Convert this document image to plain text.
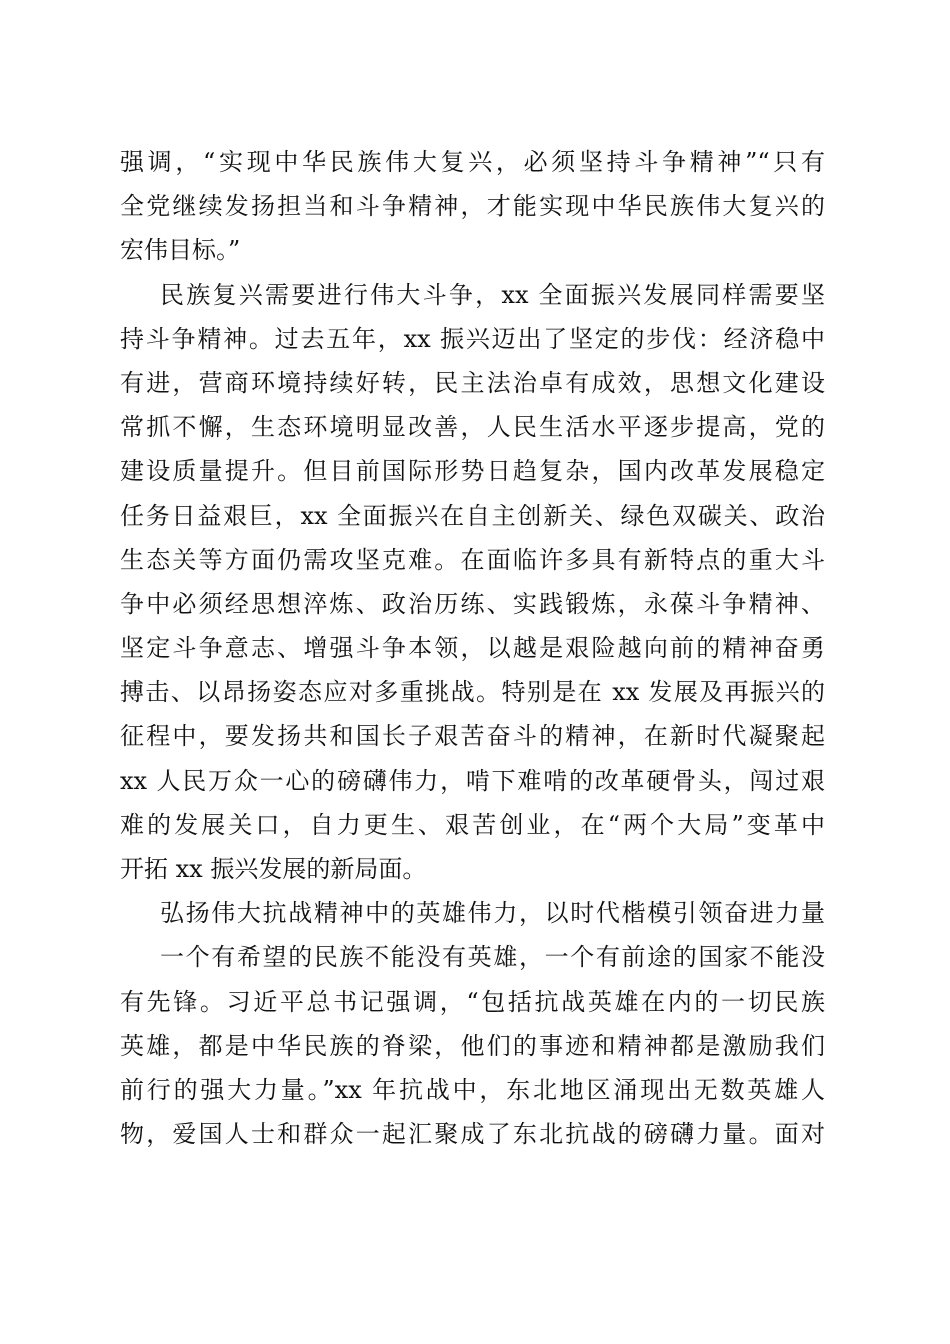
强调，“实现中华民族伟大复兴，必须坚持斗争精神”“只有
全党继续发扬担当和斗争精神，才能实现中华民族伟大复兴的
宏伟目标。”
民族复兴需要进行伟大斗争，xx 全面振兴发展同样需要坚
持斗争精神。过去五年，xx 振兴迈出了坚定的步伐：经济稳中
有进，营商环境持续好转，民主法治卓有成效，思想文化建设
常抓不懈，生态环境明显改善，人民生活水平逐步提高，党的
建设质量提升。但目前国际形势日趋复杂，国内改革发展稳定
任务日益艰巨，xx 全面振兴在自主创新关、绿色双碳关、政治
生态关等方面仍需攻坚克难。在面临许多具有新特点的重大斗
争中必须经思想淬炼、政治历练、实践锻炼，永葆斗争精神、
坚定斗争意志、增强斗争本领，以越是艰险越向前的精神奋勇
搏击、以昂扬姿态应对多重挑战。特别是在 xx 发展及再振兴的
征程中，要发扬共和国长子艰苦奋斗的精神，在新时代凝聚起
xx 人民万众一心的磅礴伟力，啃下难啃的改革硬骨头，闯过艰
难的发展关口，自力更生、艰苦创业，在“两个大局”变革中
开拓 xx 振兴发展的新局面。
弘扬伟大抗战精神中的英雄伟力，以时代楷模引领奋进力量
一个有希望的民族不能没有英雄，一个有前途的国家不能没
有先锋。习近平总书记强调，“包括抗战英雄在内的一切民族
英雄，都是中华民族的脊梁，他们的事迹和精神都是激励我们
前行的强大力量。”xx 年抗战中，东北地区涌现出无数英雄人
物，爱国人士和群众一起汇聚成了东北抗战的磅礴力量。面对
